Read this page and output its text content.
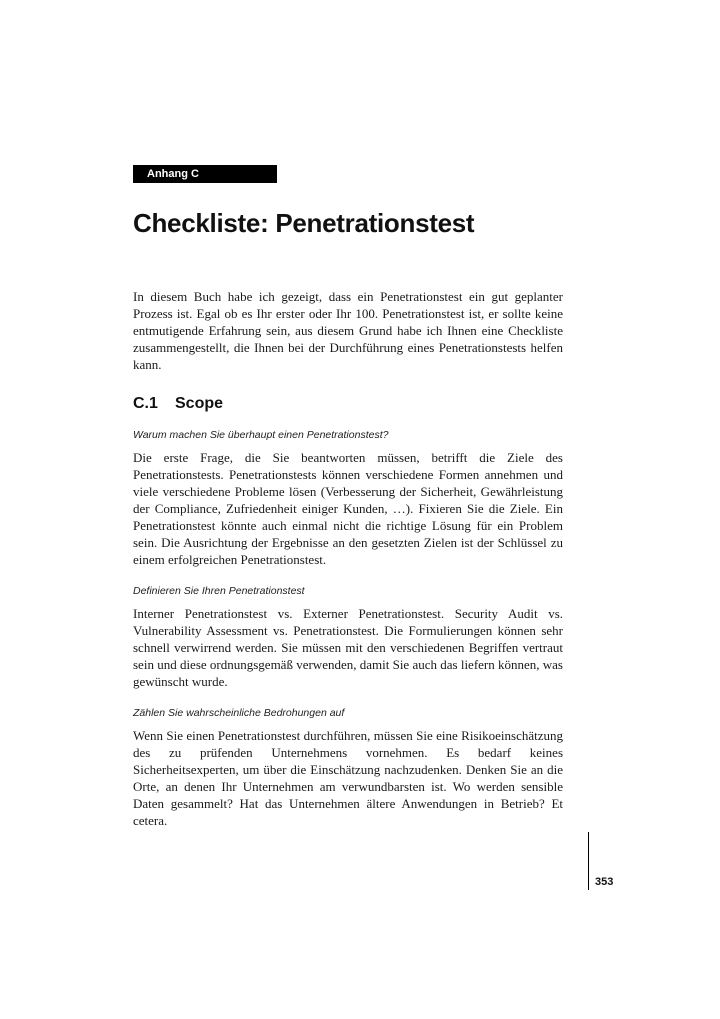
Anhang C
Checkliste: Penetrationstest

In diesem Buch habe ich gezeigt, dass ein Penetrationstest ein gut geplanter Prozess ist. Egal ob es Ihr erster oder Ihr 100. Penetrationstest ist, er sollte keine entmutigende Erfahrung sein, aus diesem Grund habe ich Ihnen eine Checkliste zusammengestellt, die Ihnen bei der Durchführung eines Penetrationstests helfen kann.

C.1 Scope
Warum machen Sie überhaupt einen Penetrationstest?

Die erste Frage, die Sie beantworten müssen, betrifft die Ziele des Penetrationstests. Penetrationstests können verschiedene Formen annehmen und viele verschiedene Probleme lösen (Verbesserung der Sicherheit, Gewährleistung der Compliance, Zufriedenheit einiger Kunden, …). Fixieren Sie die Ziele. Ein Penetrationstest könnte auch einmal nicht die richtige Lösung für ein Problem sein. Die Ausrichtung der Ergebnisse an den gesetzten Zielen ist der Schlüssel zu einem erfolgreichen Penetrationstest.

Definieren Sie Ihren Penetrationstest

Interner Penetrationstest vs. Externer Penetrationstest. Security Audit vs. Vulnerability Assessment vs. Penetrationstest. Die Formulierungen können sehr schnell verwirrend werden. Sie müssen mit den verschiedenen Begriffen vertraut sein und diese ordnungsgemäß verwenden, damit Sie auch das liefern können, was gewünscht wurde.

Zählen Sie wahrscheinliche Bedrohungen auf

Wenn Sie einen Penetrationstest durchführen, müssen Sie eine Risikoeinschätzung des zu prüfenden Unternehmens vornehmen. Es bedarf keines Sicherheitsexperten, um über die Einschätzung nachzudenken. Denken Sie an die Orte, an denen Ihr Unternehmen am verwundbarsten ist. Wo werden sensible Daten gesammelt? Hat das Unternehmen ältere Anwendungen in Betrieb? Et cetera.

353
